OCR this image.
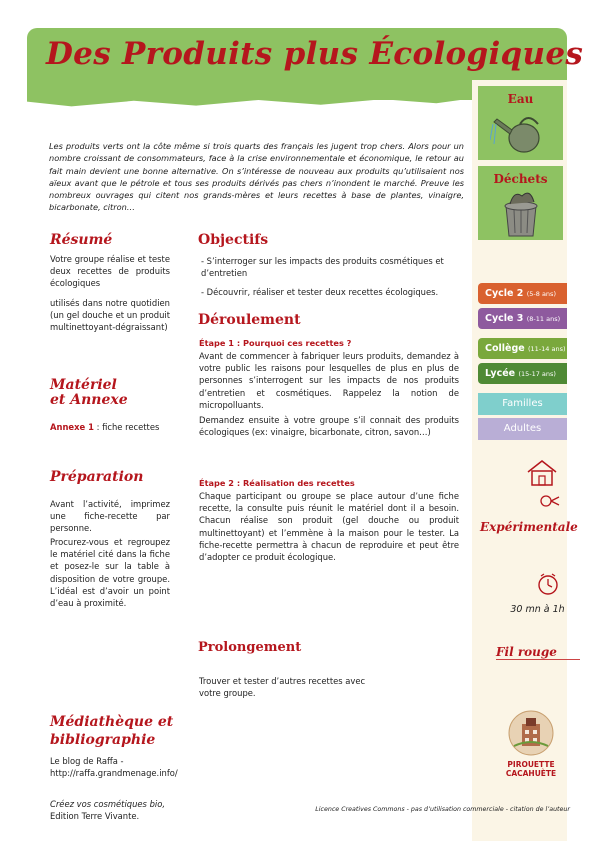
Des Produits plus Écologiques
Eau
Déchets
Les produits verts ont la côte même si trois quarts des français les jugent trop chers. Alors pour un nombre croissant de consommateurs, face à la crise environnementale et économique, le retour au fait main devient une bonne alternative. On s’intéresse de nouveau aux produits qu’utilisaient nos aïeux avant que le pétrole et tous ses produits dérivés pas chers n’inondent le marché. Preuve les nombreux ouvrages qui citent nos grands-mères et leurs recettes à base de plantes, vinaigre, bicarbonate, citron…
Résumé
Votre groupe réalise et teste deux recettes de produits écologiques
utilisés dans notre quotidien (un gel douche et un produit multinettoyant-dégraissant)
Matériel
et Annexe
Annexe 1 : fiche recettes
Préparation
Avant l’activité, imprimez une fiche-recette par personne.
Procurez-vous et regroupez le matériel cité dans la fiche et posez-le sur la table à disposition de votre groupe. L’idéal est d’avoir un point d’eau à proximité.
Médiathèque et
bibliographie
Le blog de Raffa - http://raffa.grandmenage.info/
Créez vos cosmétiques bio,
Edition Terre Vivante.
Objectifs
- S’interroger sur les impacts des produits cosmétiques et d’entretien
- Découvrir, réaliser et tester deux recettes écologiques.
Déroulement
Étape 1 : Pourquoi ces recettes ?
Avant de commencer à fabriquer leurs produits, demandez à votre public les raisons pour lesquelles de plus en plus de personnes s’interrogent sur les impacts de nos produits d’entretien et cosmétiques. Rappelez la notion de micropolluants.
Demandez ensuite à votre groupe s’il connait des produits écologiques (ex: vinaigre, bicarbonate, citron, savon…)
Étape 2 : Réalisation des recettes
Chaque participant ou groupe se place autour d’une fiche recette, la consulte puis réunit le matériel dont il a besoin. Chacun réalise son produit (gel douche ou produit multinettoyant) et l’emmène à la maison pour le tester. La fiche-recette permettra à chacun de reproduire et peut être d’adopter ce produit écologique.
Prolongement
Trouver et tester d’autres recettes avec votre groupe.
Cycle 2 (5-8 ans)
Cycle 3 (8-11 ans)
Collège (11-14 ans)
Lycée (15-17 ans)
Familles
Adultes
Expérimentale
30 mn à 1h
Fil rouge
PIROUETTE
CACAHUÈTE
Licence Creatives Commons - pas d’utilisation commerciale - citation de l’auteur
